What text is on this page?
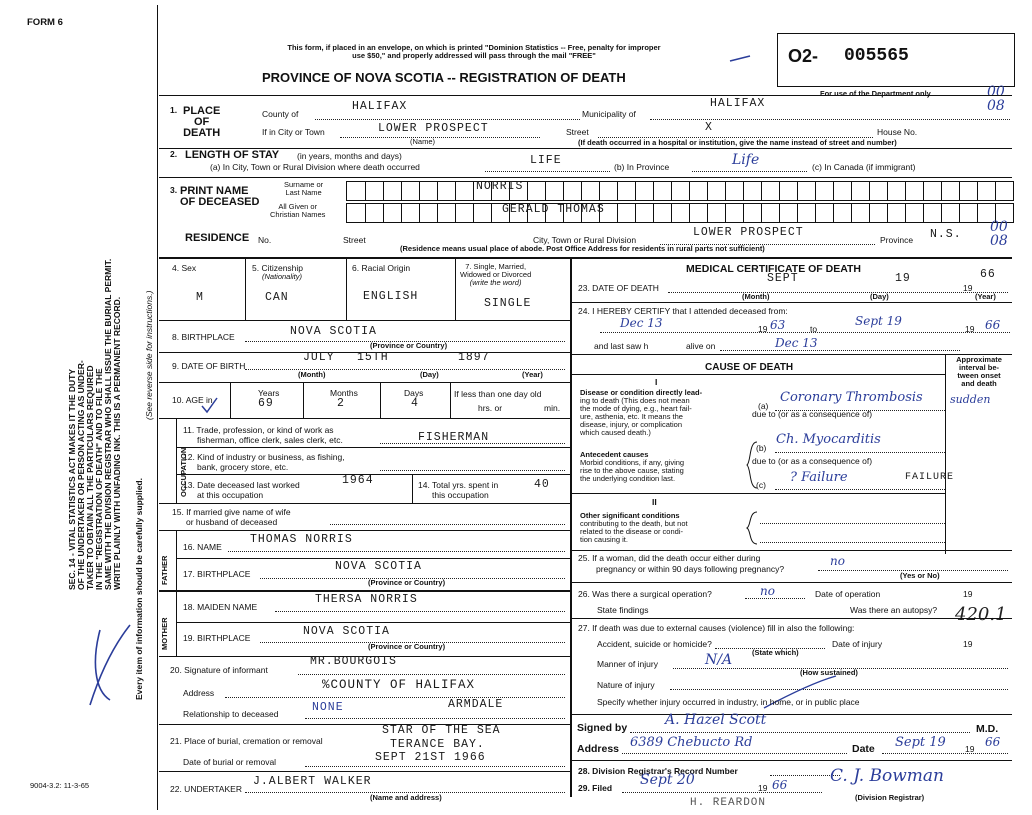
FORM 6
SEC. 14 - VITAL STATISTICS ACT MAKES IT THE DUTY OF THE UNDERTAKER OR PERSON ACTING AS UNDER- TAKER TO OBTAIN ALL THE PARTICULARS REQUIRED IN THE "REGISTRATION OF DEATH" AND TO FILE THE SAME WITH THE DIVISION REGISTRAR WHO SHALL ISSUE THE BURIAL PERMIT. WRITE PLAINLY WITH UNFADING INK. THIS IS A PERMANENT RECORD.	(See reverse side for instructions.)
Every item of information should be carefully supplied.
9004-3.2: 11-3-65
This form, if placed in an envelope, on which is printed "Dominion Statistics -- Free, penalty for improper
use $50," and properly addressed will pass through the mail "FREE"
PROVINCE OF NOVA SCOTIA -- REGISTRATION OF DEATH
O2- 005565
For use of the Department only	00
08
1. PLACE
OF
DEATH
County of
HALIFAX
Municipality of
HALIFAX
If in City or Town	LOWER PROSPECT
(Name)
Street	X	House No.
(If death occurred in a hospital or institution, give the name instead of street and number)
2. LENGTH OF STAY (in years, months and days)
(a) In City, Town or Rural Division where death occurred	LIFE	(b) In Province	Life	(c) In Canada (if immigrant)
3. PRINT NAME
OF DECEASED
Surname or
Last Name
All Given or
Christian Names
NORRIS
GERALD THOMAS
RESIDENCE No.	Street	City, Town or Rural Division
LOWER PROSPECT
Province N.S. 00
08
(Residence means usual place of abode. Post Office Address for residents in rural parts not sufficient)
4. Sex
M
5. Citizenship
(Nationality)
CAN
6. Racial Origin
ENGLISH
7. Single, Married,
Widowed or Divorced
(write the word)
SINGLE
8. BIRTHPLACE	NOVA SCOTIA
(Province or Country)
9. DATE OF BIRTH
JULY 15TH	1897
(Month)	(Day)	(Year)
10. AGE in
Years
69
Months
2
Days
4
If less than one day old
hrs. or	min.
OCCUPATION
11. Trade, profession, or kind of work as
fisherman, office clerk, sales clerk, etc.	FISHERMAN
12. Kind of industry or business, as fishing,
bank, grocery store, etc.
13. Date deceased last worked
at this occupation
1964	14. Total yrs. spent in
this occupation
40
15. If married give name of wife
or husband of deceased
FATHER
MOTHER
16. NAME
THOMAS NORRIS
17. BIRTHPLACE
NOVA SCOTIA
(Province or Country)
18. MAIDEN NAME
THERSA NORRIS
19. BIRTHPLACE	NOVA SCOTIA
(Province or Country)
20. Signature of informant
MR.BOURGOIS
Address
%COUNTY OF HALIFAX
ARMDALE
Relationship to deceased	NONE
21. Place of burial, cremation or removal
STAR OF THE SEA
TERANCE BAY.
Date of burial or removal	SEPT 21ST 1966
22. UNDERTAKER
J.ALBERT WALKER
(Name and address)
MEDICAL CERTIFICATE OF DEATH
23. DATE OF DEATH
SEPT	19
19
66
(Month)	(Day)	(Year)
24. I HEREBY CERTIFY that I attended deceased from:
Dec 13	19 63	to
Sept 19
19 66
and last saw h	alive on	Dec 13
CAUSE OF DEATH
Approximate
interval be-
tween onset
and death
I
Disease or condition directly lead-
ing to death (This does not mean
the mode of dying, e.g., heart fail-
ure, asthenia, etc. It means the
disease, injury, or complication
which caused death.)
(a)
Coronary Thrombosis sudden
due to (or as a consequence of)
Antecedent causes
Morbid conditions, if any, giving
rise to the above cause, stating
the underlying condition last.
(b)
Ch. Myocarditis
due to (or as a consequence of)
(c) ? Failure	FAILURE
II
Other significant conditions
contributing to the death, but not
related to the disease or condi-
tion causing it.
25. If a woman, did the death occur either during
pregnancy or within 90 days following pregnancy?
no
(Yes or No)
26. Was there a surgical operation?	no	Date of operation	19
State findings	Was there an autopsy? 420.1
27. If death was due to external causes (violence) fill in also the following:
Accident, suicide or homicide?	Date of injury	19
(State which)
Manner of injury	N/A
(How sustained)
Nature of injury
Specify whether injury occurred in industry, in home, or in public place
Signed by	A. Hazel Scott
M.D.
Address 6389 Chebucto Rd	Date Sept 19 19 66
28. Division Registrar's Record Number
29. Filed Sept 20	19 66	C. J. Bowman
(Division Registrar)
H. REARDON
